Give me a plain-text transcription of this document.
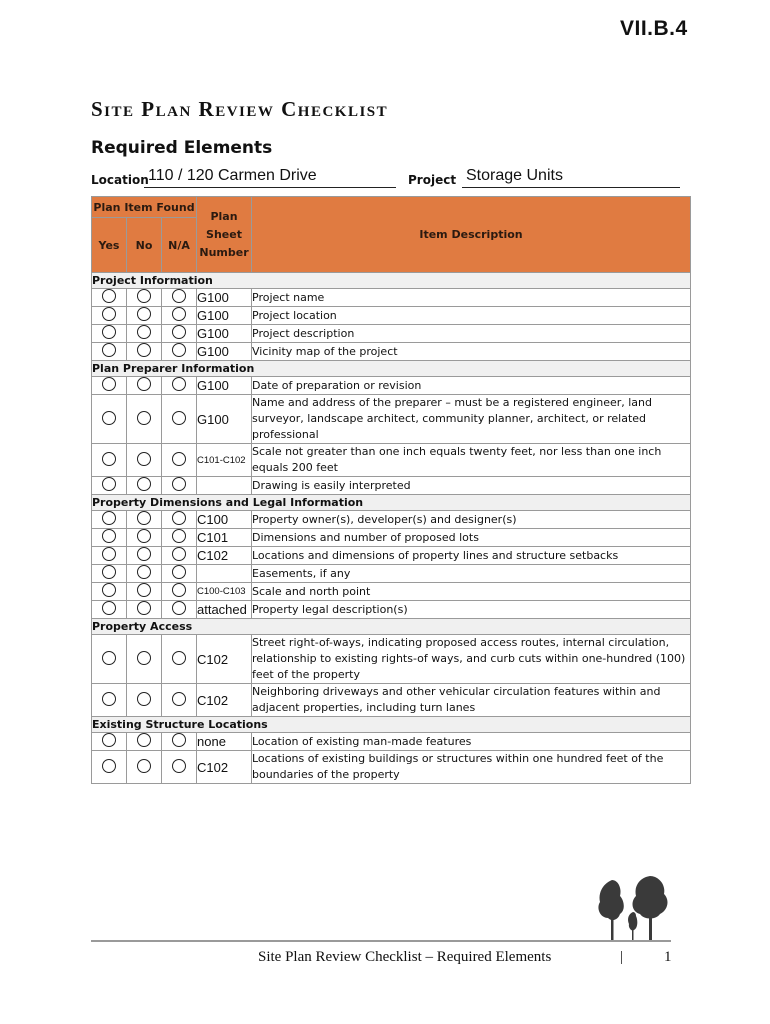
VII.B.4
Site Plan Review Checklist
Required Elements
Location 110 / 120 Carmen Drive	Project Storage Units
Plan Item Found			Plan Sheet Number	Item Description
Yes	No	N/A		
Project Information				
			G100	Project name
			G100	Project location
			G100	Project description
			G100	Vicinity map of the project
Plan Preparer Information				
			G100	Date of preparation or revision
			G100	Name and address of the preparer – must be a registered engineer, land surveyor, landscape architect, community planner, architect, or related professional
			C101-C102	Scale not greater than one inch equals twenty feet, nor less than one inch equals 200 feet
				Drawing is easily interpreted
Property Dimensions and Legal Information				
			C100	Property owner(s), developer(s) and designer(s)
			C101	Dimensions and number of proposed lots
			C102	Locations and dimensions of property lines and structure setbacks
				Easements, if any
			C100-C103	Scale and north point
			attached	Property legal description(s)
Property Access				
			C102	Street right-of-ways, indicating proposed access routes, internal circulation, relationship to existing rights-of ways, and curb cuts within one-hundred (100) feet of the property
			C102	Neighboring driveways and other vehicular circulation features within and adjacent properties, including turn lanes
Existing Structure Locations				
			none	Location of existing man-made features
			C102	Locations of existing buildings or structures within one hundred feet of the boundaries of the property
Site Plan Review Checklist – Required Elements	|	1
